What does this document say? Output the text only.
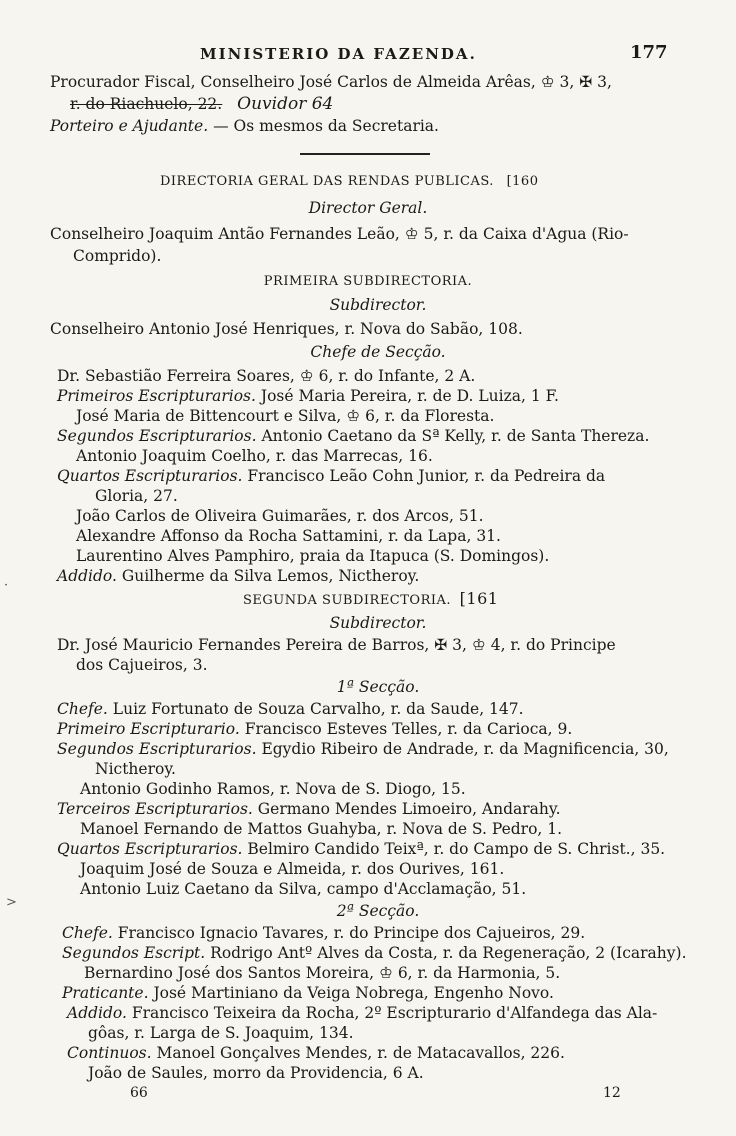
MINISTERIO DA FAZENDA.	177
Procurador Fiscal, Conselheiro José Carlos de Almeida Arêas, ♔ 3, ✠ 3,
r. do Riachuelo, 22. Ouvidor 64
Porteiro e Ajudante. — Os mesmos da Secretaria.
DIRECTORIA GERAL DAS RENDAS PUBLICAS. [160
Director Geral.
Conselheiro Joaquim Antão Fernandes Leão, ♔ 5, r. da Caixa d'Agua (Rio-
Comprido).
PRIMEIRA SUBDIRECTORIA.
Subdirector.
Conselheiro Antonio José Henriques, r. Nova do Sabão, 108.
Chefe de Secção.
Dr. Sebastião Ferreira Soares, ♔ 6, r. do Infante, 2 A.
Primeiros Escripturarios. José Maria Pereira, r. de D. Luiza, 1 F.
José Maria de Bittencourt e Silva, ♔ 6, r. da Floresta.
Segundos Escripturarios. Antonio Caetano da Sª Kelly, r. de Santa Thereza.
Antonio Joaquim Coelho, r. das Marrecas, 16.
Quartos Escripturarios. Francisco Leão Cohn Junior, r. da Pedreira da
Gloria, 27.
João Carlos de Oliveira Guimarães, r. dos Arcos, 51.
Alexandre Affonso da Rocha Sattamini, r. da Lapa, 31.
Laurentino Alves Pamphiro, praia da Itapuca (S. Domingos).
Addido. Guilherme da Silva Lemos, Nictheroy.
SEGUNDA SUBDIRECTORIA. [161
Subdirector.
Dr. José Mauricio Fernandes Pereira de Barros, ✠ 3, ♔ 4, r. do Principe
dos Cajueiros, 3.
1ª Secção.
Chefe. Luiz Fortunato de Souza Carvalho, r. da Saude, 147.
Primeiro Escripturario. Francisco Esteves Telles, r. da Carioca, 9.
Segundos Escripturarios. Egydio Ribeiro de Andrade, r. da Magnificencia, 30,
Nictheroy.
Antonio Godinho Ramos, r. Nova de S. Diogo, 15.
Terceiros Escripturarios. Germano Mendes Limoeiro, Andarahy.
Manoel Fernando de Mattos Guahyba, r. Nova de S. Pedro, 1.
Quartos Escripturarios. Belmiro Candido Teixª, r. do Campo de S. Christ., 35.
Joaquim José de Souza e Almeida, r. dos Ourives, 161.
Antonio Luiz Caetano da Silva, campo d'Acclamação, 51.
2ª Secção.
Chefe. Francisco Ignacio Tavares, r. do Principe dos Cajueiros, 29.
Segundos Escript. Rodrigo Antº Alves da Costa, r. da Regeneração, 2 (Icarahy).
Bernardino José dos Santos Moreira, ♔ 6, r. da Harmonia, 5.
Praticante. José Martiniano da Veiga Nobrega, Engenho Novo.
Addido. Francisco Teixeira da Rocha, 2º Escripturario d'Alfandega das Ala-
gôas, r. Larga de S. Joaquim, 134.
Continuos. Manoel Gonçalves Mendes, r. de Matacavallos, 226.
João de Saules, morro da Providencia, 6 A.
66	12
>
·
